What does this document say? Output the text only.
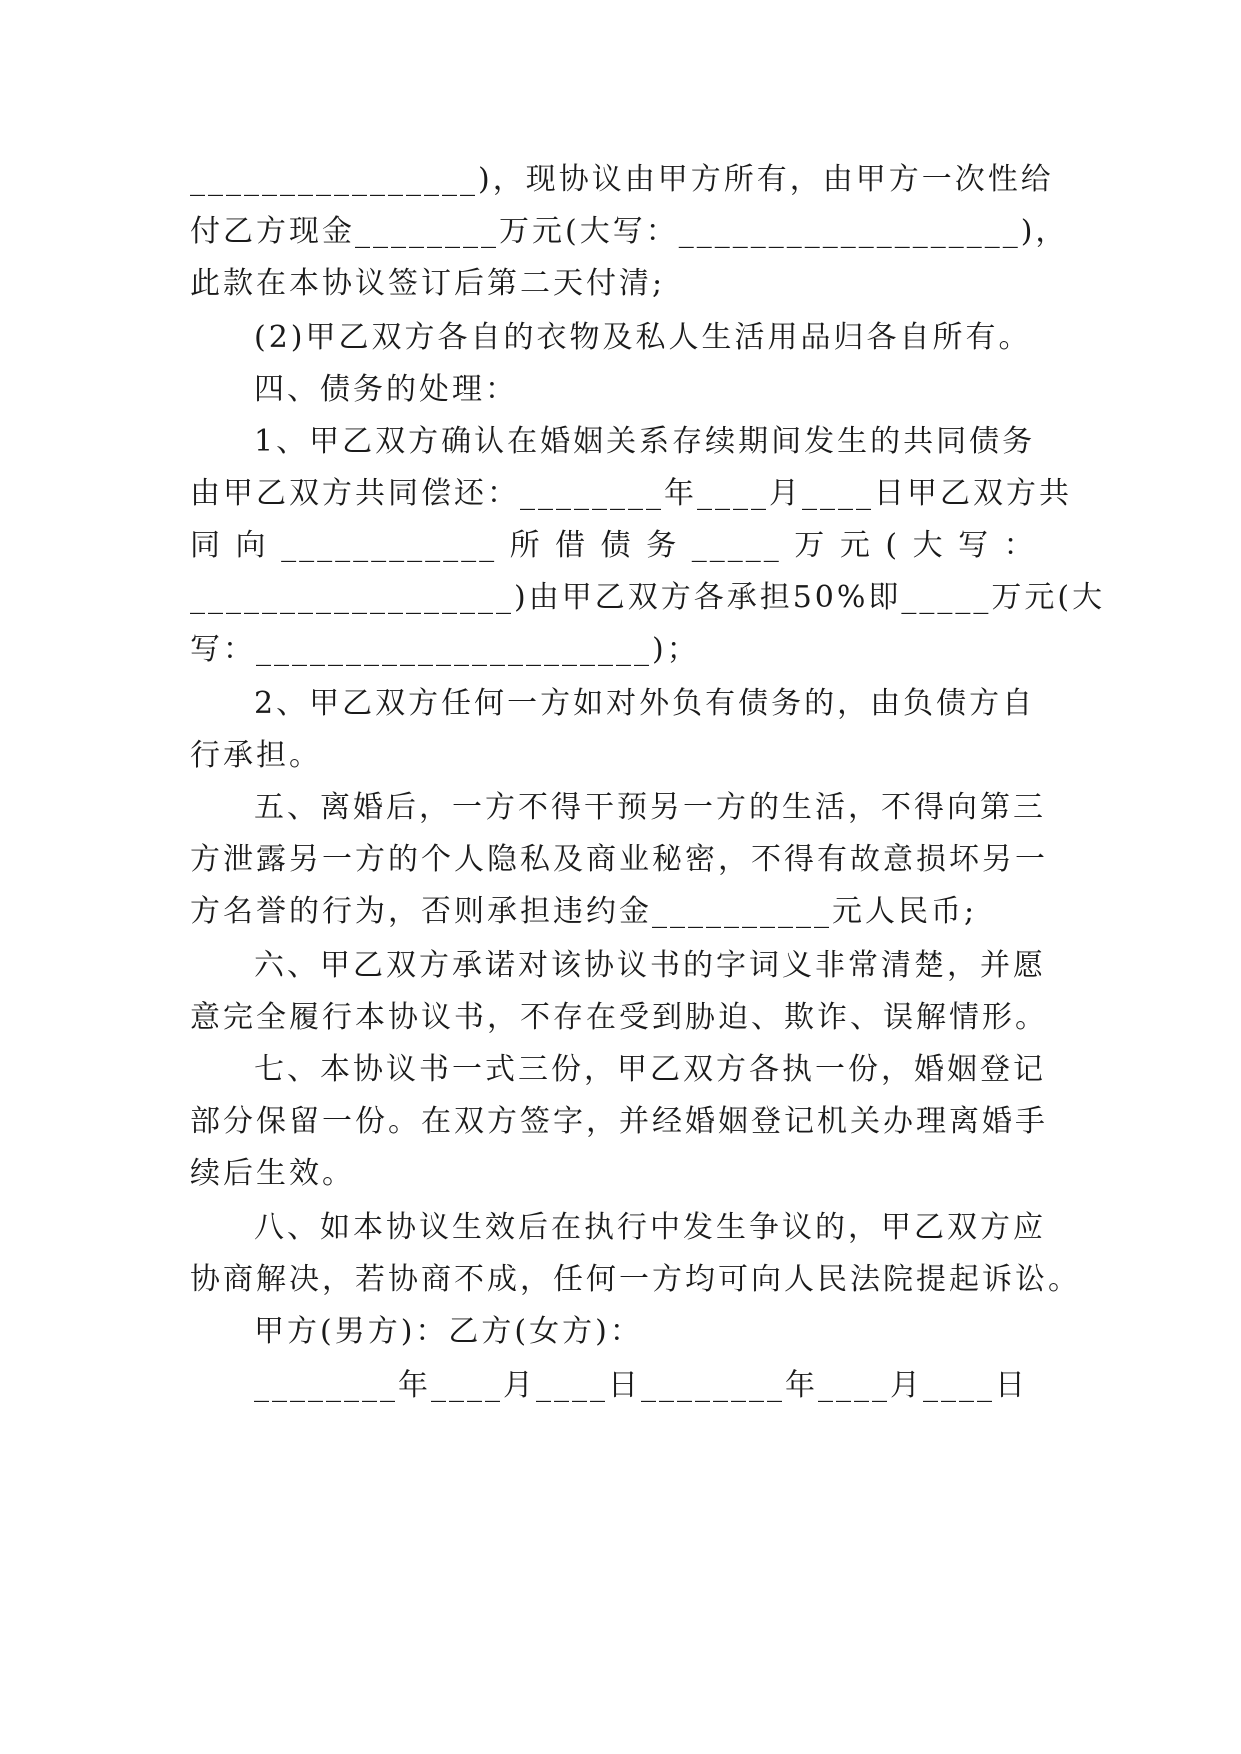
________________)，现协议由甲方所有，由甲方一次性给
付乙方现金________万元(大写：___________________)，
此款在本协议签订后第二天付清;
(2)甲乙双方各自的衣物及私人生活用品归各自所有。
四、债务的处理：
1、甲乙双方确认在婚姻关系存续期间发生的共同债务
由甲乙双方共同偿还：________年____月____日甲乙双方共
同 向 ____________ 所 借 债 务 _____ 万 元 ( 大 写 ：
__________________)由甲乙双方各承担50%即_____万元(大
写：______________________)；
2、甲乙双方任何一方如对外负有债务的，由负债方自
行承担。
五、离婚后，一方不得干预另一方的生活，不得向第三
方泄露另一方的个人隐私及商业秘密，不得有故意损坏另一
方名誉的行为，否则承担违约金__________元人民币;
六、甲乙双方承诺对该协议书的字词义非常清楚，并愿
意完全履行本协议书，不存在受到胁迫、欺诈、误解情形。
七、本协议书一式三份，甲乙双方各执一份，婚姻登记
部分保留一份。在双方签字，并经婚姻登记机关办理离婚手
续后生效。
八、如本协议生效后在执行中发生争议的，甲乙双方应
协商解决，若协商不成，任何一方均可向人民法院提起诉讼。
甲方(男方)：乙方(女方)：
________年____月____日________年____月____日
